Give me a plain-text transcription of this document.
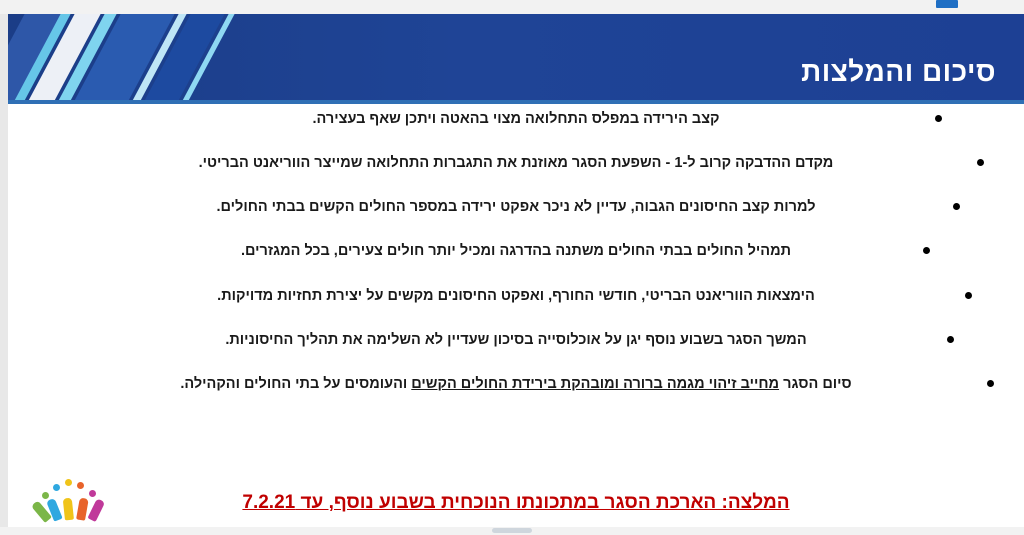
סיכום והמלצות
קצב הירידה במפלס התחלואה מצוי בהאטה ויתכן שאף בעצירה.
מקדם ההדבקה קרוב ל-1 - השפעת הסגר מאוזנת את התגברות התחלואה שמייצר הווריאנט הבריטי.
למרות קצב החיסונים הגבוה, עדיין לא ניכר אפקט ירידה במספר החולים הקשים בבתי החולים.
תמהיל החולים בבתי החולים משתנה בהדרגה ומכיל יותר חולים צעירים, בכל המגזרים.
הימצאות הווריאנט הבריטי, חודשי החורף, ואפקט החיסונים מקשים על יצירת תחזיות מדויקות.
המשך הסגר בשבוע נוסף יגן על אוכלוסייה בסיכון שעדיין לא השלימה את תהליך החיסוניות.
סיום הסגר מחייב זיהוי מגמה ברורה ומובהקת בירידת החולים הקשים והעומסים על בתי החולים והקהילה.
המלצה: הארכת הסגר במתכונתו הנוכחית בשבוע נוסף, עד 7.2.21
